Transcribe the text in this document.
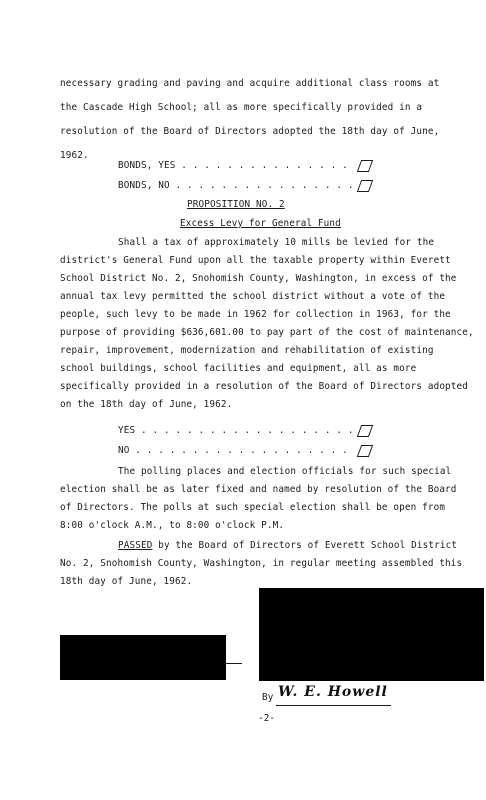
necessary grading and paving and acquire additional class rooms at
the Cascade High School; all as more specifically provided in a
resolution of the Board of Directors adopted the 18th day of June,
1962.
BONDS, YES . . . . . . . . . . . . . . .
BONDS, NO . . . . . . . . . . . . . . . .
PROPOSITION NO. 2
Excess Levy for General Fund
Shall a tax of approximately 10 mills be levied for the
district's General Fund upon all the taxable property within Everett
School District No. 2, Snohomish County, Washington, in excess of the
annual tax levy permitted the school district without a vote of the
people, such levy to be made in 1962 for collection in 1963, for the
purpose of providing $636,601.00 to pay part of the cost of maintenance,
repair, improvement, modernization and rehabilitation of existing
school buildings, school facilities and equipment, all as more
specifically provided in a resolution of the Board of Directors adopted
on the 18th day of June, 1962.
YES . . . . . . . . . . . . . . . . . . .
NO . . . . . . . . . . . . . . . . . . .
The polling places and election officials for such special
election shall be as later fixed and named by resolution of the Board
of Directors. The polls at such special election shall be open from
8:00 o'clock A.M., to 8:00 o'clock P.M.
PASSED by the Board of Directors of Everett School District
No. 2, Snohomish County, Washington, in regular meeting assembled this
18th day of June, 1962.
By W. E. Howell
-2-
